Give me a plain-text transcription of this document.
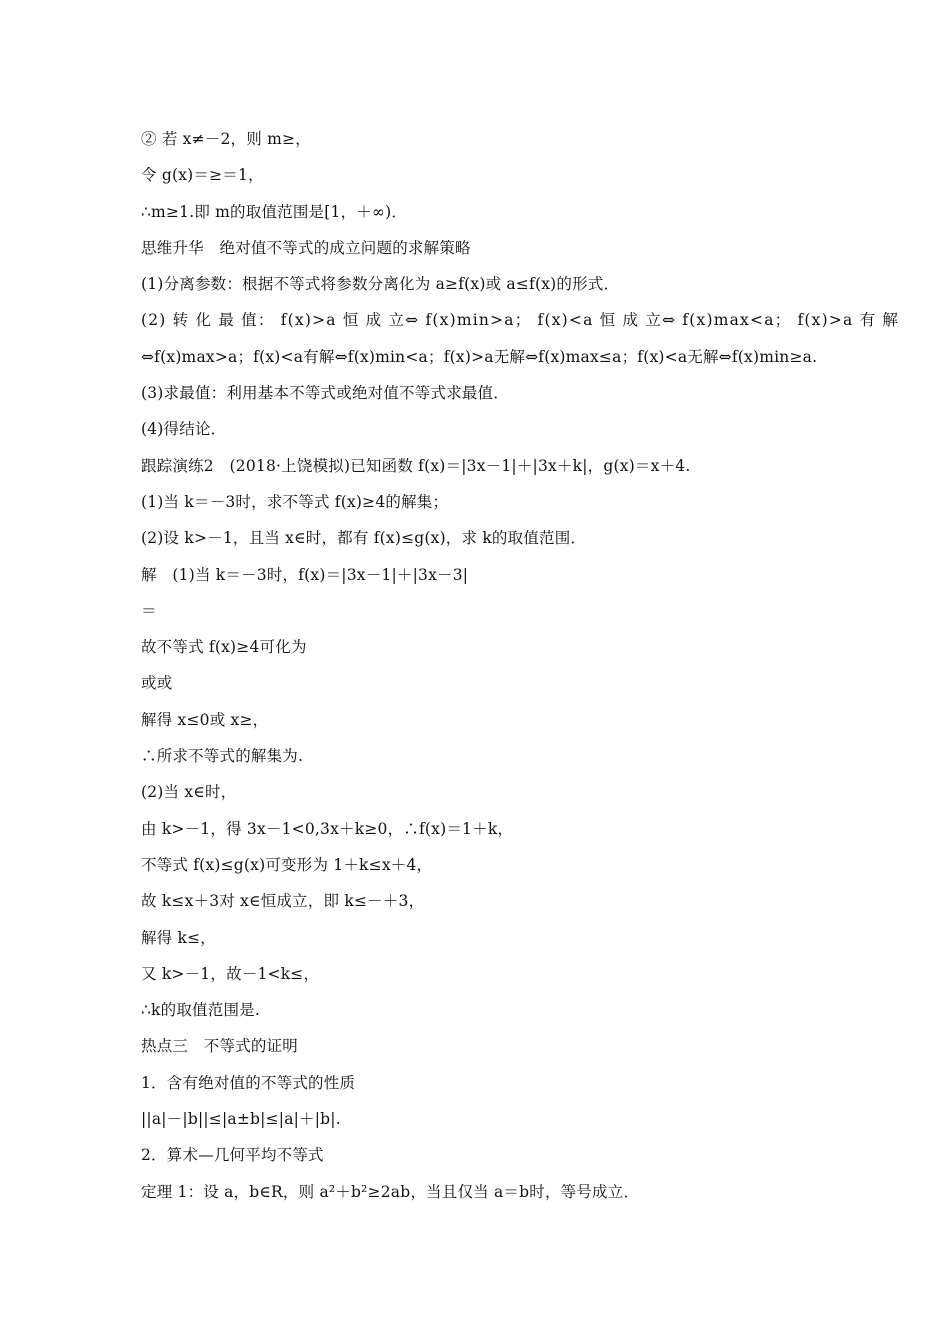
② 若 x≠－2，则 m≥，
令 g(x)＝≥＝1，
∴m≥1.即 m的取值范围是[1，＋∞)．
思维升华　绝对值不等式的成立问题的求解策略
(1)分离参数：根据不等式将参数分离化为 a≥f(x)或 a≤f(x)的形式．
(2) 转 化 最 值： f(x)>a 恒 成 立⇔ f(x)min>a； f(x)<a 恒 成 立⇔ f(x)max<a； f(x)>a 有 解
⇔f(x)max>a；f(x)<a有解⇔f(x)min<a；f(x)>a无解⇔f(x)max≤a；f(x)<a无解⇔f(x)min≥a.
(3)求最值：利用基本不等式或绝对值不等式求最值．
(4)得结论．
跟踪演练2　(2018·上饶模拟)已知函数 f(x)＝|3x－1|＋|3x＋k|，g(x)＝x＋4.
(1)当 k＝－3时，求不等式 f(x)≥4的解集；
(2)设 k>－1，且当 x∈时，都有 f(x)≤g(x)，求 k的取值范围．
解　(1)当 k＝－3时，f(x)＝|3x－1|＋|3x－3|
＝
故不等式 f(x)≥4可化为
或或
解得 x≤0或 x≥，
∴所求不等式的解集为.
(2)当 x∈时，
由 k>－1，得 3x－1<0,3x＋k≥0，∴f(x)＝1＋k，
不等式 f(x)≤g(x)可变形为 1＋k≤x＋4，
故 k≤x＋3对 x∈恒成立，即 k≤－＋3，
解得 k≤，
又 k>－1，故－1<k≤，
∴k的取值范围是.
热点三　不等式的证明
1．含有绝对值的不等式的性质
||a|－|b||≤|a±b|≤|a|＋|b|.
2．算术—几何平均不等式
定理 1：设 a，b∈R，则 a²＋b²≥2ab，当且仅当 a＝b时，等号成立．
